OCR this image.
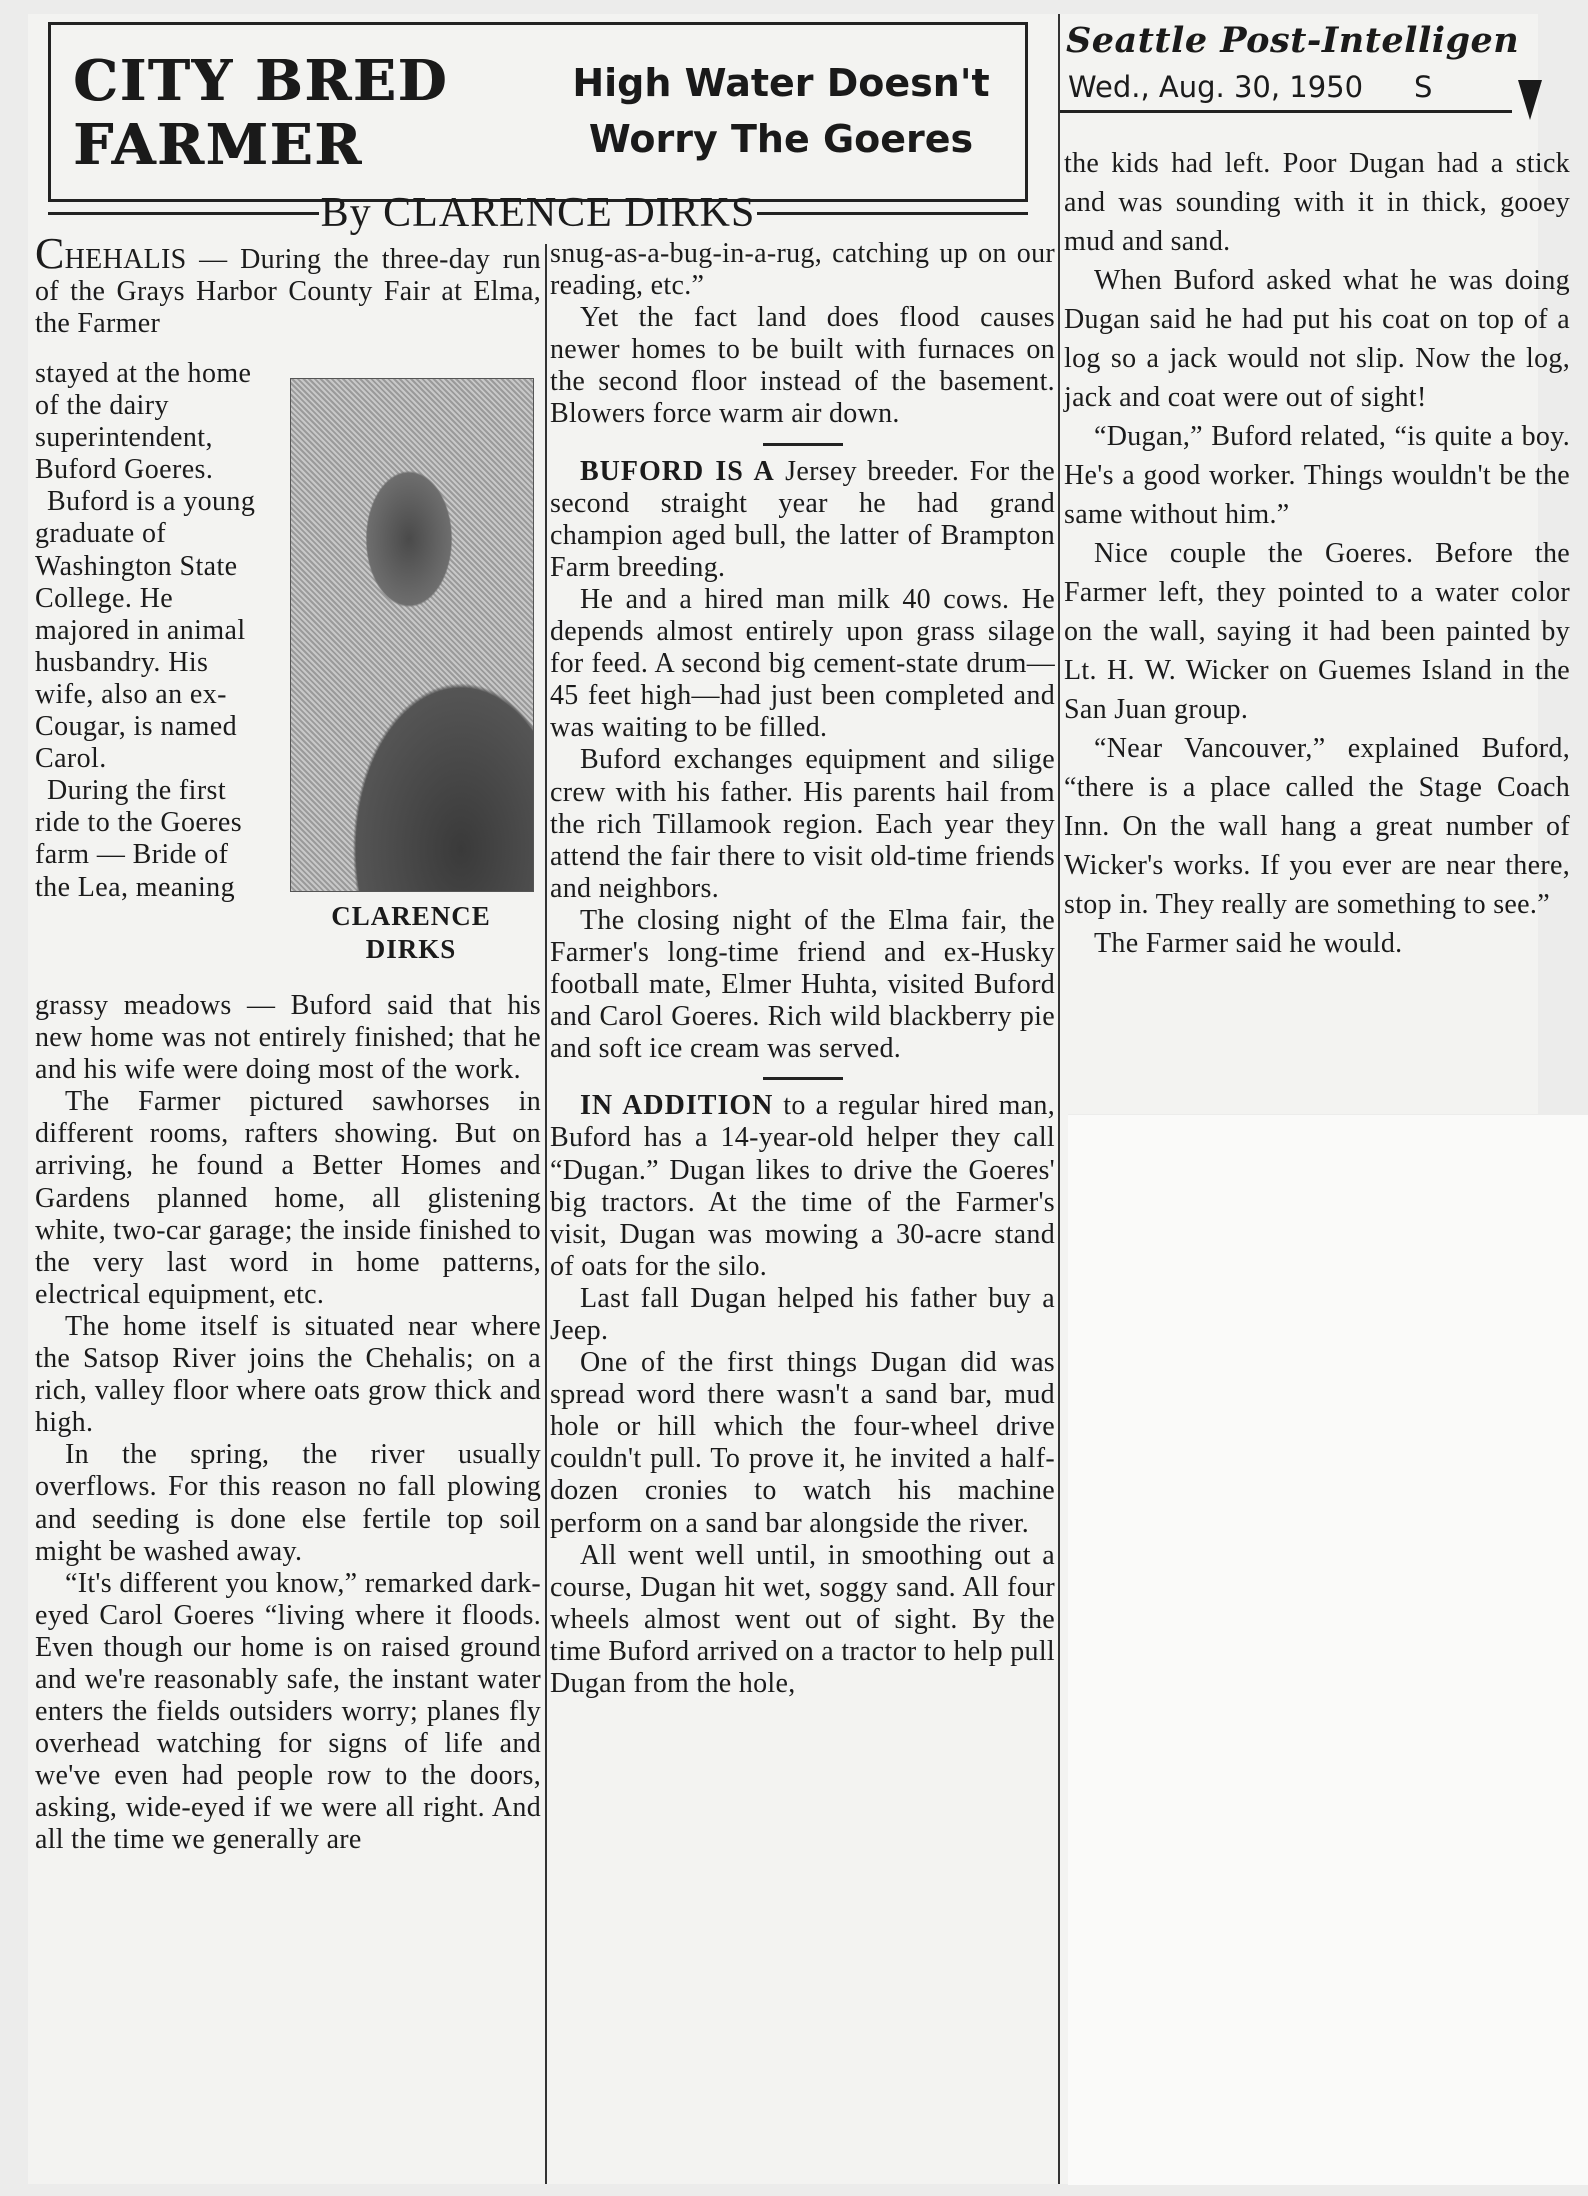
CITY BRED
FARMER
High Water Doesn't
Worry The Goeres
By CLARENCE DIRKS
Seattle Post-Intelligen
Wed., Aug. 30, 1950 S

CHEHALIS — During the three-day run of the Grays Harbor County Fair at Elma, the Farmer

stayed at the home of the dairy superintendent, Buford Goeres.

Buford is a young graduate of Washington State College. He majored in animal husbandry. His wife, also an ex-Cougar, is named Carol.

During the first ride to the Goeres farm — Bride of the Lea, meaning

CLARENCE
DIRKS

grassy meadows — Buford said that his new home was not entirely finished; that he and his wife were doing most of the work.

The Farmer pictured sawhorses in different rooms, rafters showing. But on arriving, he found a Better Homes and Gardens planned home, all glistening white, two-car garage; the inside finished to the very last word in home patterns, electrical equipment, etc.

The home itself is situated near where the Satsop River joins the Chehalis; on a rich, valley floor where oats grow thick and high.

In the spring, the river usually overflows. For this reason no fall plowing and seeding is done else fertile top soil might be washed away.

“It's different you know,” remarked dark-eyed Carol Goeres “living where it floods. Even though our home is on raised ground and we're reasonably safe, the instant water enters the fields outsiders worry; planes fly overhead watching for signs of life and we've even had people row to the doors, asking, wide-eyed if we were all right. And all the time we generally are

snug-as-a-bug-in-a-rug, catching up on our reading, etc.”

Yet the fact land does flood causes newer homes to be built with furnaces on the second floor instead of the basement. Blowers force warm air down.

BUFORD IS A Jersey breeder. For the second straight year he had grand champion aged bull, the latter of Brampton Farm breeding.

He and a hired man milk 40 cows. He depends almost entirely upon grass silage for feed. A second big cement-state drum—45 feet high—had just been completed and was waiting to be filled.

Buford exchanges equipment and silige crew with his father. His parents hail from the rich Tillamook region. Each year they attend the fair there to visit old-time friends and neighbors.

The closing night of the Elma fair, the Farmer's long-time friend and ex-Husky football mate, Elmer Huhta, visited Buford and Carol Goeres. Rich wild blackberry pie and soft ice cream was served.

IN ADDITION to a regular hired man, Buford has a 14-year-old helper they call “Dugan.” Dugan likes to drive the Goeres' big tractors. At the time of the Farmer's visit, Dugan was mowing a 30-acre stand of oats for the silo.

Last fall Dugan helped his father buy a Jeep.

One of the first things Dugan did was spread word there wasn't a sand bar, mud hole or hill which the four-wheel drive couldn't pull. To prove it, he invited a half-dozen cronies to watch his machine perform on a sand bar alongside the river.

All went well until, in smoothing out a course, Dugan hit wet, soggy sand. All four wheels almost went out of sight. By the time Buford arrived on a tractor to help pull Dugan from the hole,

the kids had left. Poor Dugan had a stick and was sounding with it in thick, gooey mud and sand.

When Buford asked what he was doing Dugan said he had put his coat on top of a log so a jack would not slip. Now the log, jack and coat were out of sight!

“Dugan,” Buford related, “is quite a boy. He's a good worker. Things wouldn't be the same without him.”

Nice couple the Goeres. Before the Farmer left, they pointed to a water color on the wall, saying it had been painted by Lt. H. W. Wicker on Guemes Island in the San Juan group.

“Near Vancouver,” explained Buford, “there is a place called the Stage Coach Inn. On the wall hang a great number of Wicker's works. If you ever are near there, stop in. They really are something to see.”

The Farmer said he would.
